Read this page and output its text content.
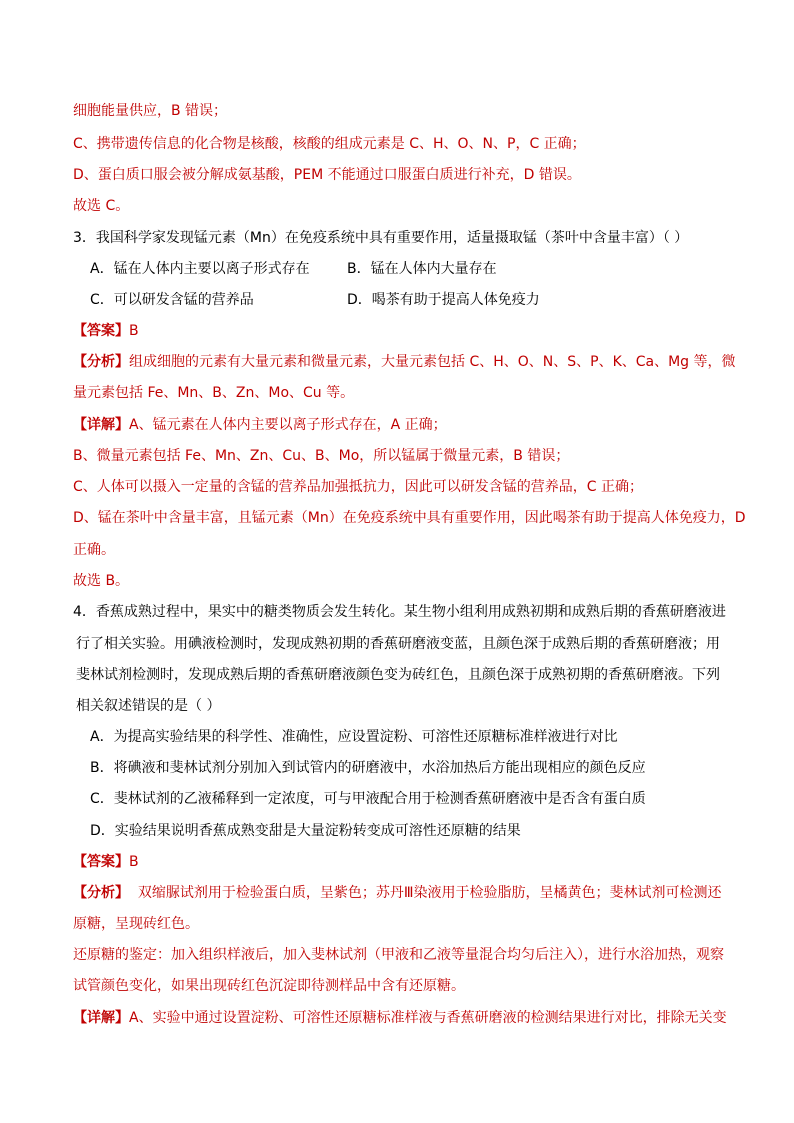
细胞能量供应，B 错误；
C、携带遗传信息的化合物是核酸，核酸的组成元素是 C、H、O、N、P，C 正确；
D、蛋白质口服会被分解成氨基酸，PEM 不能通过口服蛋白质进行补充，D 错误。
故选 C。
3．我国科学家发现锰元素（Mn）在免疫系统中具有重要作用，适量摄取锰（茶叶中含量丰富）（ ）
A．锰在人体内主要以离子形式存在	B．锰在人体内大量存在
C．可以研发含锰的营养品	D．喝茶有助于提高人体免疫力
【答案】B
【分析】组成细胞的元素有大量元素和微量元素，大量元素包括 C、H、O、N、S、P、K、Ca、Mg 等，微
量元素包括 Fe、Mn、B、Zn、Mo、Cu 等。
【详解】A、锰元素在人体内主要以离子形式存在，A 正确；
B、微量元素包括 Fe、Mn、Zn、Cu、B、Mo，所以锰属于微量元素，B 错误；
C、人体可以摄入一定量的含锰的营养品加强抵抗力，因此可以研发含锰的营养品，C 正确；
D、锰在茶叶中含量丰富，且锰元素（Mn）在免疫系统中具有重要作用，因此喝茶有助于提高人体免疫力，D
正确。
故选 B。
4．香蕉成熟过程中，果实中的糖类物质会发生转化。某生物小组利用成熟初期和成熟后期的香蕉研磨液进
行了相关实验。用碘液检测时，发现成熟初期的香蕉研磨液变蓝，且颜色深于成熟后期的香蕉研磨液；用
斐林试剂检测时，发现成熟后期的香蕉研磨液颜色变为砖红色，且颜色深于成熟初期的香蕉研磨液。下列
相关叙述错误的是（ ）
A．为提高实验结果的科学性、准确性，应设置淀粉、可溶性还原糖标准样液进行对比
B．将碘液和斐林试剂分别加入到试管内的研磨液中，水浴加热后方能出现相应的颜色反应
C．斐林试剂的乙液稀释到一定浓度，可与甲液配合用于检测香蕉研磨液中是否含有蛋白质
D．实验结果说明香蕉成熟变甜是大量淀粉转变成可溶性还原糖的结果
【答案】B
【分析】  双缩脲试剂用于检验蛋白质，呈紫色；苏丹Ⅲ染液用于检验脂肪，呈橘黄色；斐林试剂可检测还
原糖，呈现砖红色。
还原糖的鉴定：加入组织样液后，加入斐林试剂（甲液和乙液等量混合均匀后注入），进行水浴加热，观察
试管颜色变化，如果出现砖红色沉淀即待测样品中含有还原糖。
【详解】A、实验中通过设置淀粉、可溶性还原糖标准样液与香蕉研磨液的检测结果进行对比，排除无关变
